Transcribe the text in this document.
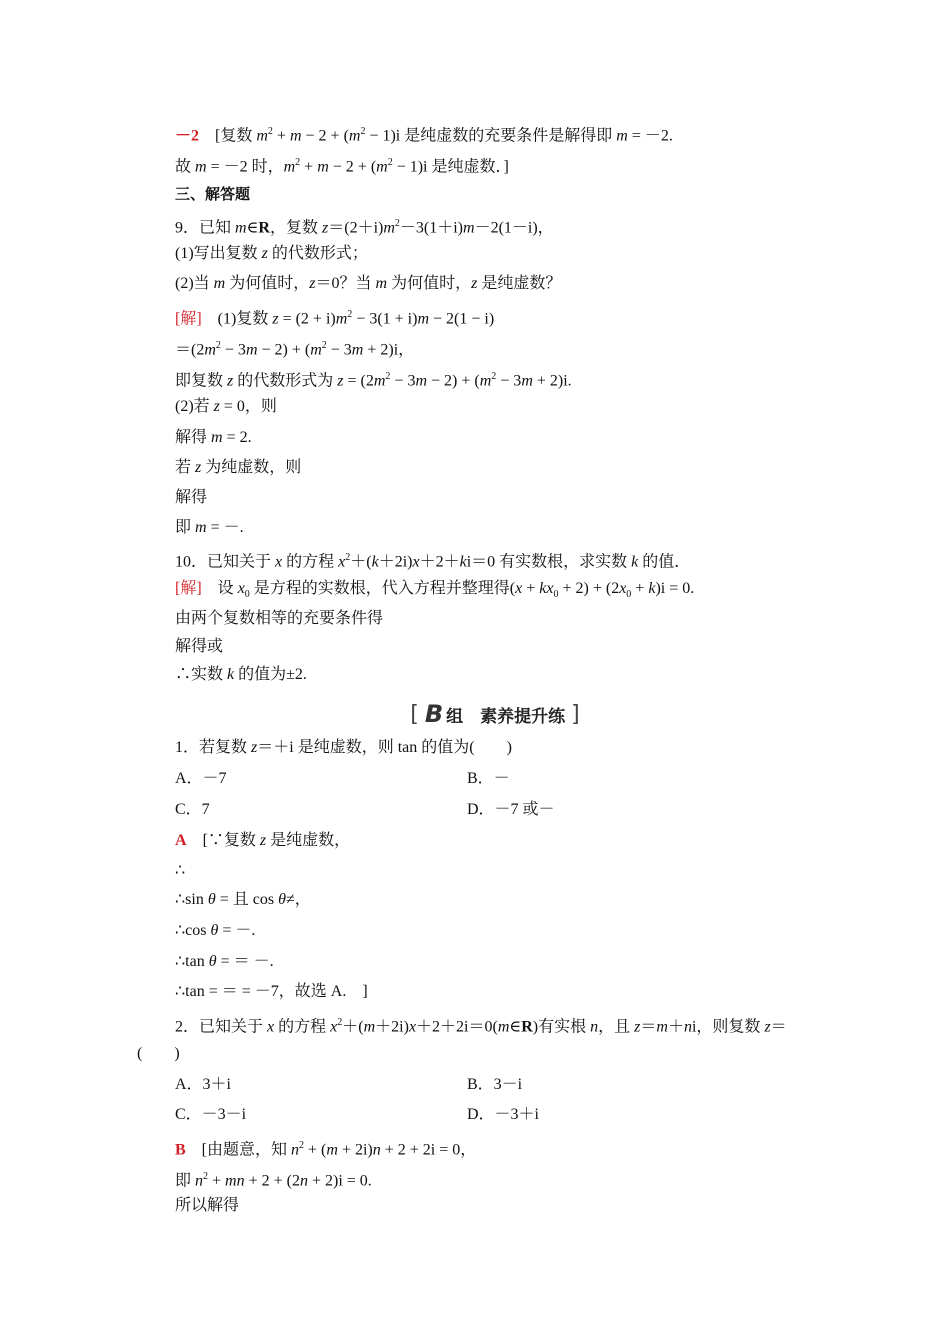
－2　[复数 $m^2 + m - 2 + (m^2 - 1)i$ 是纯虚数的充要条件是解得即 m = －2.
故 m = －2 时，$m^2 + m - 2 + (m^2 - 1)i$ 是纯虚数．]
三、解答题
9．已知 m∈R，复数 $z=(2+i)m^2-3(1+i)m-2(1-i)$，
(1)写出复数 z 的代数形式；
(2)当 m 为何值时，z＝0？当 m 为何值时，z 是纯虚数？
[解]　(1)复数 $z = (2 + i)m^2 - 3(1 + i)m - 2(1 - i)$
$=(2m^2 - 3m - 2) + (m^2 - 3m + 2)i$，
即复数 z 的代数形式为 $z = (2m^2 - 3m - 2) + (m^2 - 3m + 2)i$.
(2)若 z = 0，则
解得 m = 2.
若 z 为纯虚数，则
解得
即 m = －.
10．已知关于 x 的方程 $x^2+(k+2i)x+2+ki=0$ 有实数根，求实数 k 的值．
[解]　设 $x_0$ 是方程的实数根，代入方程并整理得$(x + kx_0 + 2) + (2x_0 + k)i = 0$.
由两个复数相等的充要条件得
解得或
∴实数 k 的值为±2.
[ B 组　素养提升练 ]
1．若复数 z＝＋i 是纯虚数，则 tan 的值为(　　)
A．－7	B．－
C．7	D．－7 或－
A　[∵复数 z 是纯虚数，
∴
∴sin θ = 且 cos θ≠，
∴cos θ = －.
∴tan θ = ＝ －.
∴tan = ＝ = －7，故选 A.　]
2．已知关于 x 的方程 $x^2+(m+2i)x+2+2i=0(m\in R)$有实根 n，且 z＝m＋ni，则复数 z＝
(　　)
A．3＋i	B．3－i
C．－3－i	D．－3＋i
B　[由题意，知 $n^2 + (m + 2i)n + 2 + 2i = 0$，
即 $n^2$ + mn + 2 + (2n + 2)i = 0.
所以解得
